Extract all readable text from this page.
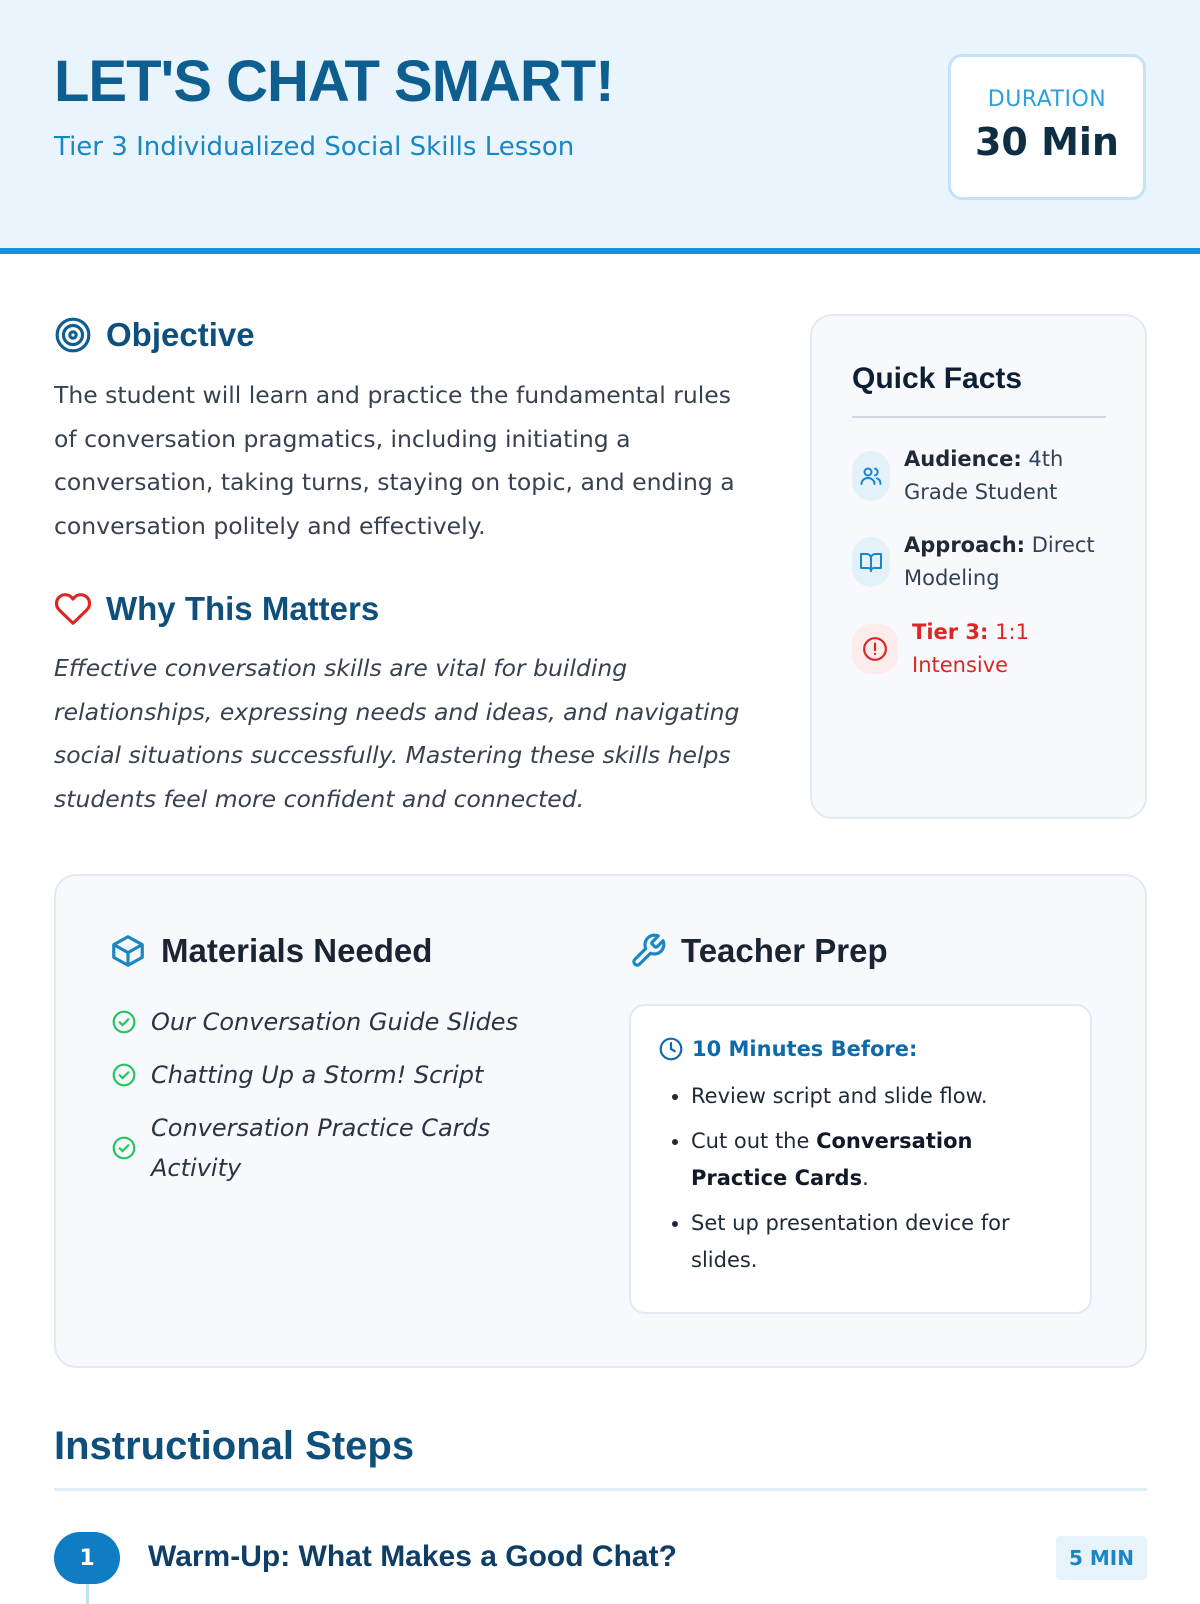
LET'S CHAT SMART!
Tier 3 Individualized Social Skills Lesson
DURATION
30 Min
Objective

The student will learn and practice the fundamental rules of conversation pragmatics, including initiating a conversation, taking turns, staying on topic, and ending a conversation politely and effectively.

Why This Matters

Effective conversation skills are vital for building relationships, expressing needs and ideas, and navigating social situations successfully. Mastering these skills helps students feel more confident and connected.

Quick Facts
Audience: 4th Grade Student
Approach: Direct Modeling
Tier 3: 1:1 Intensive
Materials Needed
Our Conversation Guide Slides
Chatting Up a Storm! Script
Conversation Practice Cards Activity
Teacher Prep
10 Minutes Before:
• Review script and slide flow.
• Cut out the Conversation Practice Cards.
• Set up presentation device for slides.
Instructional Steps
1	Warm-Up: What Makes a Good Chat?	5 MIN
